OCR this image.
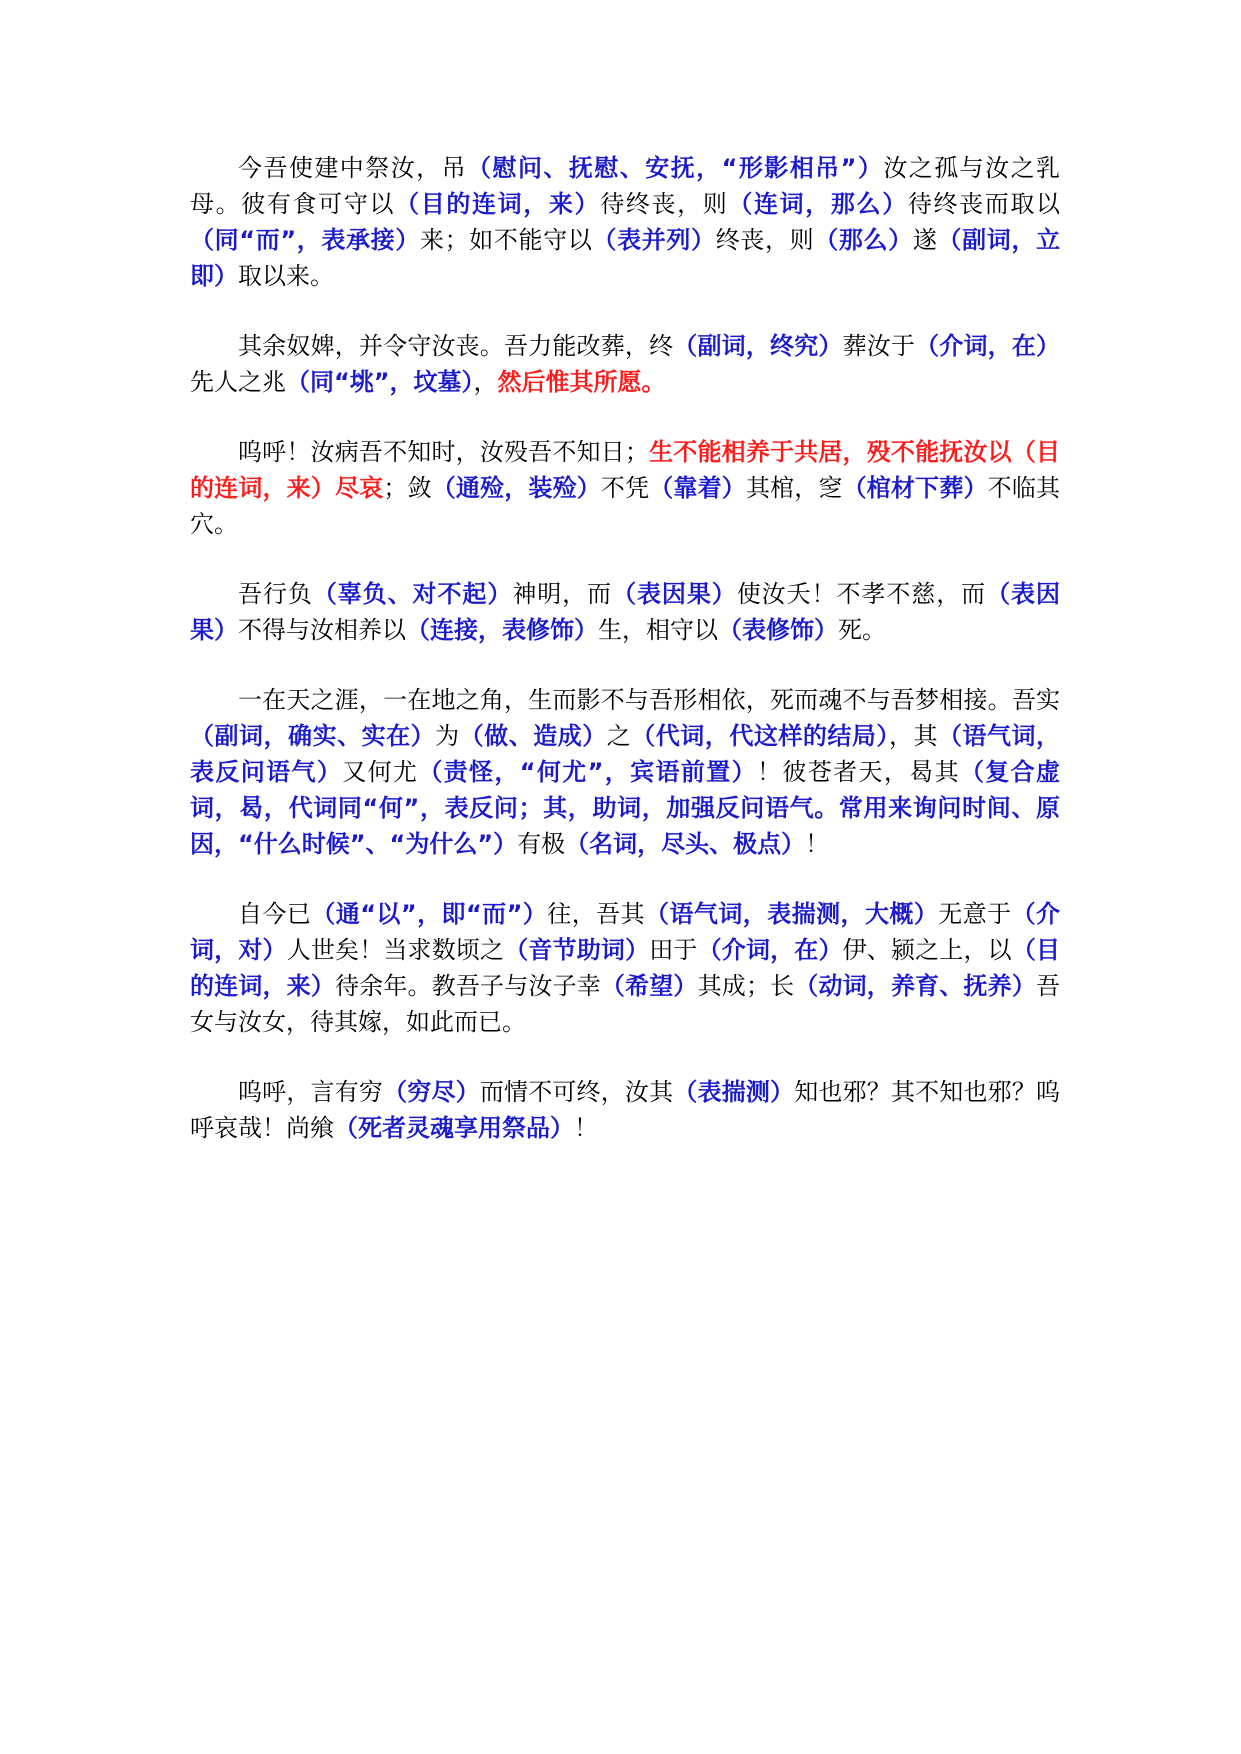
今吾使建中祭汝，吊（慰问、抚慰、安抚，“形影相吊”）汝之孤与汝之乳母。彼有食可守以（目的连词，来）待终丧，则（连词，那么）待终丧而取以（同“而”，表承接）来；如不能守以（表并列）终丧，则（那么）遂（副词，立即）取以来。

其余奴婢，并令守汝丧。吾力能改葬，终（副词，终究）葬汝于（介词，在）先人之兆（同“垗”，坟墓），然后惟其所愿。

呜呼！汝病吾不知时，汝殁吾不知日；生不能相养于共居，殁不能抚汝以（目的连词，来）尽哀；敛（通殓，装殓）不凭（靠着）其棺，窆（棺材下葬）不临其穴。

吾行负（辜负、对不起）神明，而（表因果）使汝夭！不孝不慈，而（表因果）不得与汝相养以（连接，表修饰）生，相守以（表修饰）死。

一在天之涯，一在地之角，生而影不与吾形相依，死而魂不与吾梦相接。吾实（副词，确实、实在）为（做、造成）之（代词，代这样的结局），其（语气词，表反问语气）又何尤（责怪，“何尤”，宾语前置）！彼苍者天，曷其（复合虚词，曷，代词同“何”，表反问；其，助词，加强反问语气。常用来询问时间、原因，“什么时候”、“为什么”）有极（名词，尽头、极点）！

自今已（通“以”，即“而”）往，吾其（语气词，表揣测，大概）无意于（介词，对）人世矣！当求数顷之（音节助词）田于（介词，在）伊、颍之上，以（目的连词，来）待余年。教吾子与汝子幸（希望）其成；长（动词，养育、抚养）吾女与汝女，待其嫁，如此而已。

呜呼，言有穷（穷尽）而情不可终，汝其（表揣测）知也邪？其不知也邪？呜呼哀哉！尚飨（死者灵魂享用祭品）！
